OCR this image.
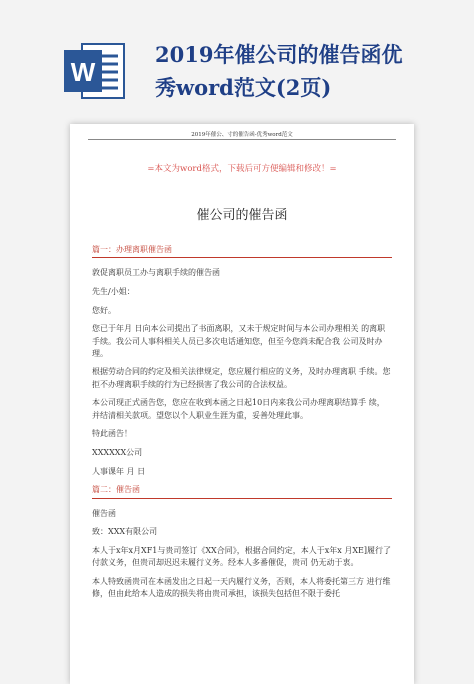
W
2019年催公司的催告函优
秀word范文(2页)
2019年催公、寸的催告函-优秀word范文
=本文为word格式，下载后可方便编辑和修改！=
催公司的催告函
篇一：办理离职催告函
敦促离职员工办与离职手续的催告函
先生/小姐：
您好。
您已于年月 日向本公司提出了书面离职，又未于规定时间与本公司办理相关 的离职手续。我公司人事科相关人员已多次电话通知您，但至今您尚未配合我 公司及时办理。
根据劳动合同的约定及相关法律规定，您应履行相应的义务，及时办理离职 手续。您拒不办理离职手续的行为已经损害了我公司的合法权益。
本公司现正式函告您，您应在收到本函之日起10日内来我公司办理离职结算手 续，并结清相关款项。望您以个人职业生涯为重，妥善处理此事。
特此函告！
XXXXXX公司
人事课年 月 日
篇二：催告函
催告函
致：XXX有限公司
本人于x年x月XF1与贵司签订《XX合同》，根据合同约定，本人于x年x 月XE]履行了付款义务，但贵司却迟迟未履行义务。经本人多番催促，贵司 仍无动于衷。
本人特致函贵司在本函发出之日起一天内履行义务，否则，本人将委托第三方 进行维修，但由此给本人造成的损失将由贵司承担，该损失包括但不限于委托
